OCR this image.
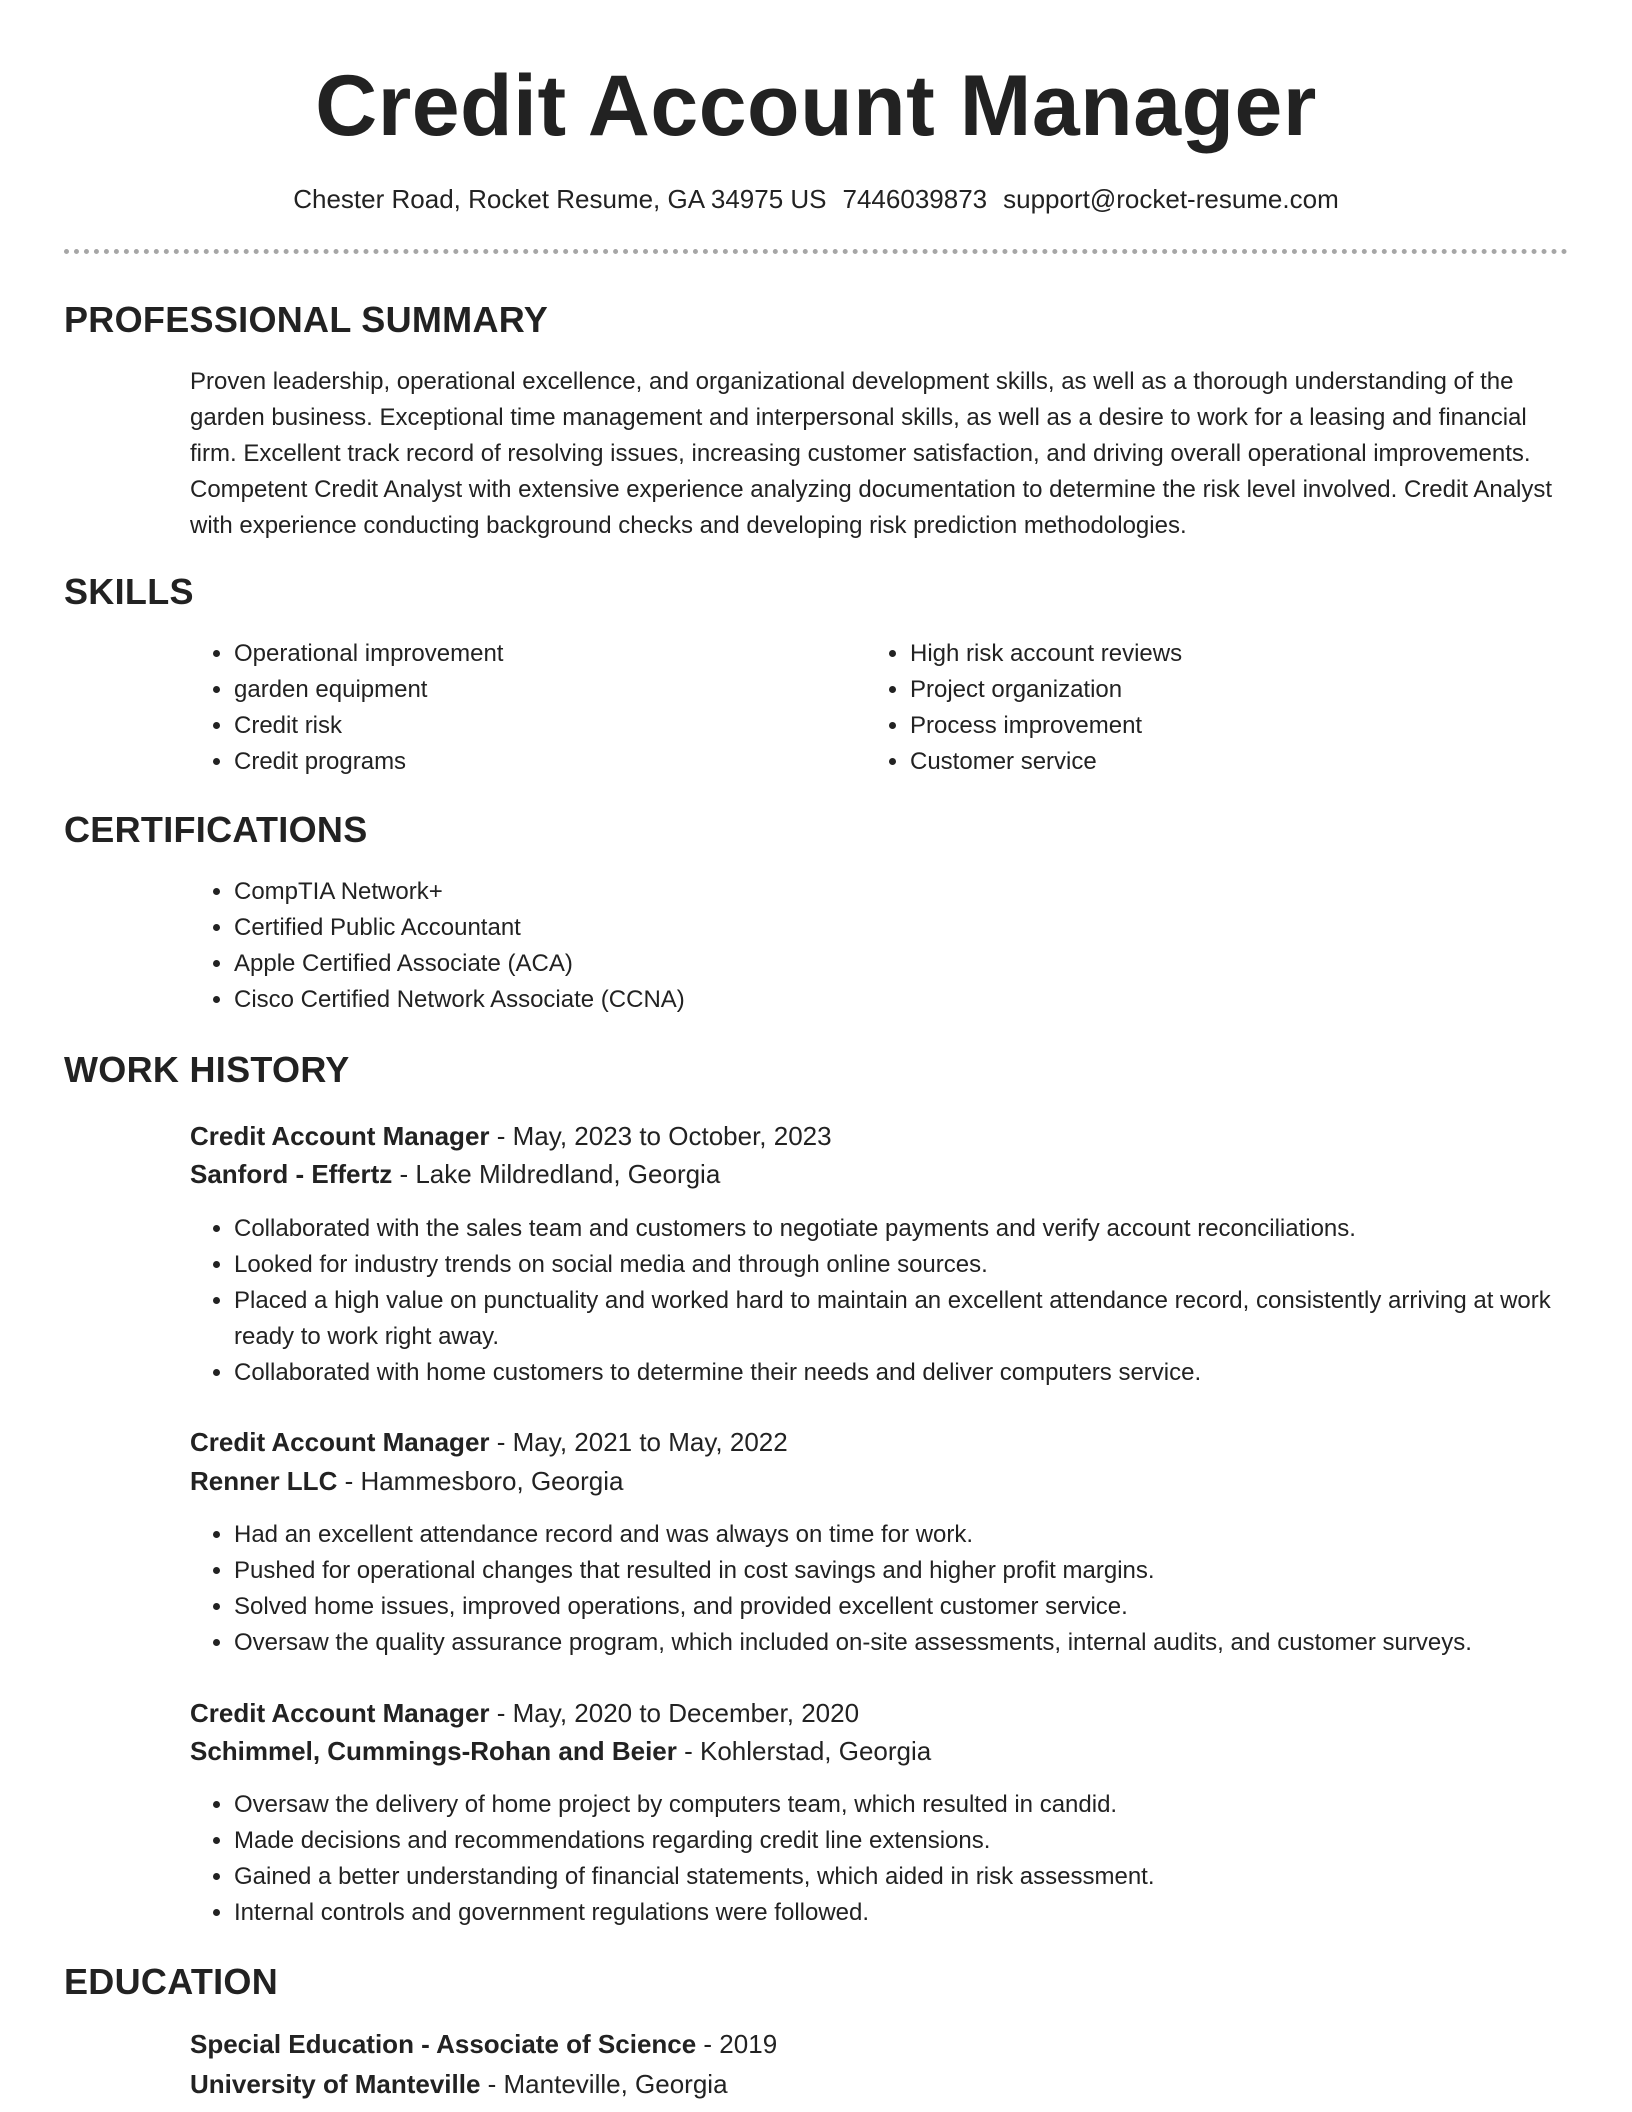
Credit Account Manager
Chester Road, Rocket Resume, GA 34975 US 7446039873 support@rocket-resume.com
PROFESSIONAL SUMMARY

Proven leadership, operational excellence, and organizational development skills, as well as a thorough understanding of the garden business. Exceptional time management and interpersonal skills, as well as a desire to work for a leasing and financial firm. Excellent track record of resolving issues, increasing customer satisfaction, and driving overall operational improvements. Competent Credit Analyst with extensive experience analyzing documentation to determine the risk level involved. Credit Analyst with experience conducting background checks and developing risk prediction methodologies.

SKILLS
• Operational improvement
• garden equipment
• Credit risk
• Credit programs
• High risk account reviews
• Project organization
• Process improvement
• Customer service
CERTIFICATIONS
• CompTIA Network+
• Certified Public Accountant
• Apple Certified Associate (ACA)
• Cisco Certified Network Associate (CCNA)
WORK HISTORY
Credit Account Manager - May, 2023 to October, 2023
Sanford - Effertz - Lake Mildredland, Georgia
• Collaborated with the sales team and customers to negotiate payments and verify account reconciliations.
• Looked for industry trends on social media and through online sources.
• Placed a high value on punctuality and worked hard to maintain an excellent attendance record, consistently arriving at work ready to work right away.
• Collaborated with home customers to determine their needs and deliver computers service.
Credit Account Manager - May, 2021 to May, 2022
Renner LLC - Hammesboro, Georgia
• Had an excellent attendance record and was always on time for work.
• Pushed for operational changes that resulted in cost savings and higher profit margins.
• Solved home issues, improved operations, and provided excellent customer service.
• Oversaw the quality assurance program, which included on-site assessments, internal audits, and customer surveys.
Credit Account Manager - May, 2020 to December, 2020
Schimmel, Cummings-Rohan and Beier - Kohlerstad, Georgia
• Oversaw the delivery of home project by computers team, which resulted in candid.
• Made decisions and recommendations regarding credit line extensions.
• Gained a better understanding of financial statements, which aided in risk assessment.
• Internal controls and government regulations were followed.
EDUCATION
Special Education - Associate of Science - 2019
University of Manteville - Manteville, Georgia
